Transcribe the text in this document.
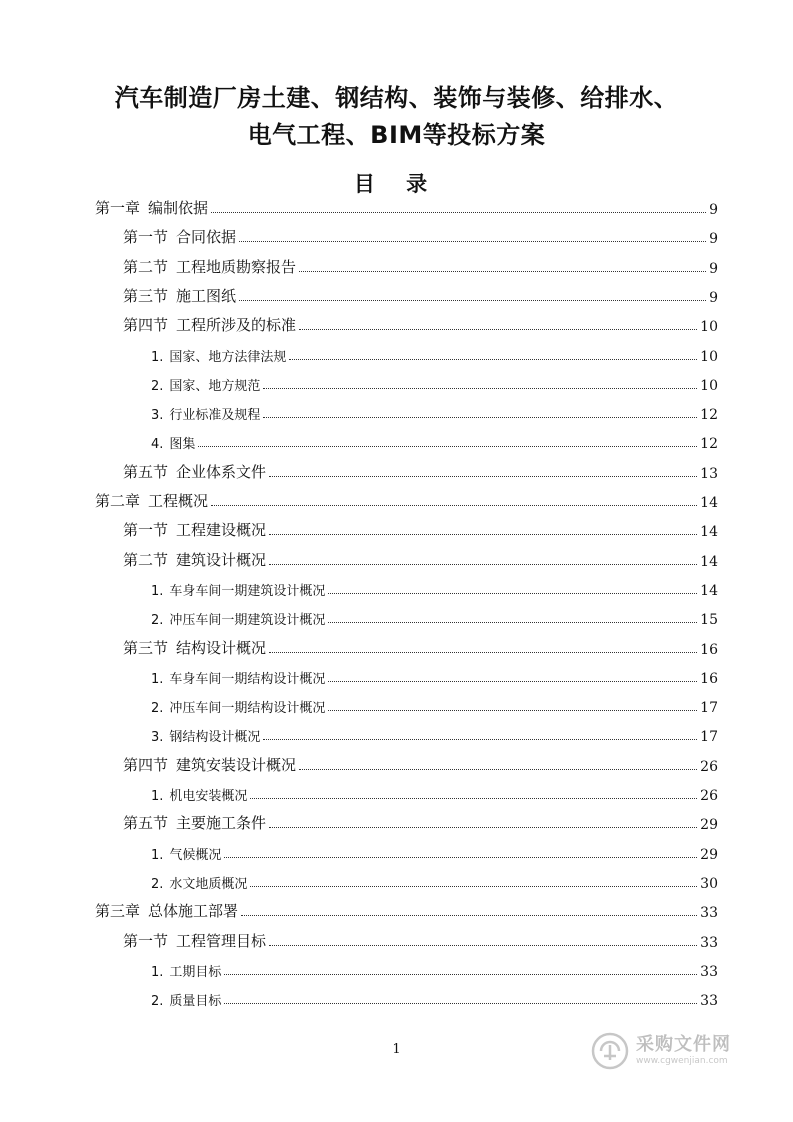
汽车制造厂房土建、钢结构、装饰与装修、给排水、
电气工程、BIM等投标方案
目 录
第一章 编制依据	9
第一节 合同依据	9
第二节 工程地质勘察报告	9
第三节 施工图纸	9
第四节 工程所涉及的标准	10
1. 国家、地方法律法规	10
2. 国家、地方规范	10
3. 行业标准及规程	12
4. 图集	12
第五节 企业体系文件	13
第二章 工程概况	14
第一节 工程建设概况	14
第二节 建筑设计概况	14
1. 车身车间一期建筑设计概况	14
2. 冲压车间一期建筑设计概况	15
第三节 结构设计概况	16
1. 车身车间一期结构设计概况	16
2. 冲压车间一期结构设计概况	17
3. 钢结构设计概况	17
第四节 建筑安装设计概况	26
1. 机电安装概况	26
第五节 主要施工条件	29
1. 气候概况	29
2. 水文地质概况	30
第三章 总体施工部署	33
第一节 工程管理目标	33
1. 工期目标	33
2. 质量目标	33
1	采购文件网
www.cgwenjian.com
